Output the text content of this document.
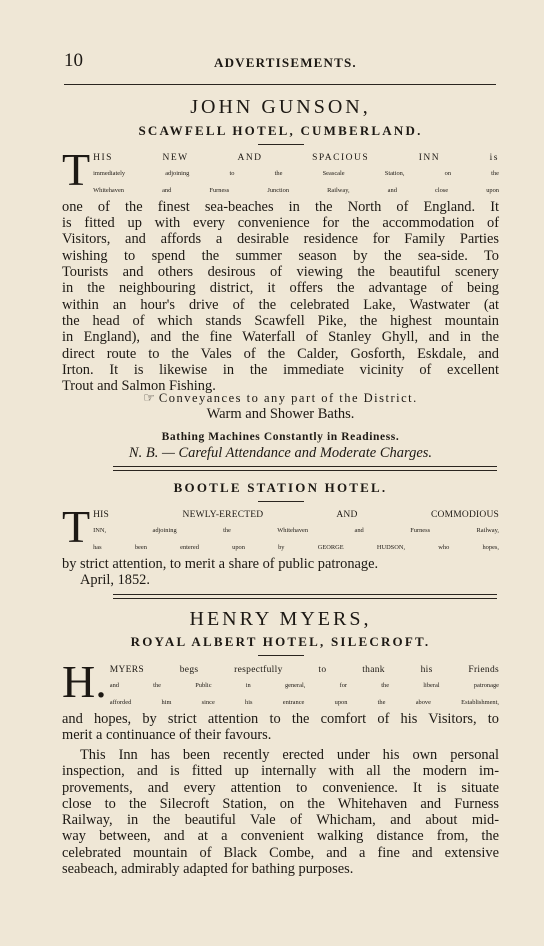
10	ADVERTISEMENTS.
JOHN GUNSON,
SCAWFELL HOTEL, CUMBERLAND.
T HIS NEW AND SPACIOUS INN is
immediately adjoining to the Seascale Station, on the
Whitehaven and Furness Junction Railway, and close upon
one of the finest sea-beaches in the North of England. It
is fitted up with every convenience for the accommodation of
Visitors, and affords a desirable residence for Family Parties
wishing to spend the summer season by the sea-side. To
Tourists and others desirous of viewing the beautiful scenery
in the neighbouring district, it offers the advantage of being
within an hour's drive of the celebrated Lake, Wastwater (at
the head of which stands Scawfell Pike, the highest mountain
in England), and the fine Waterfall of Stanley Ghyll, and in the
direct route to the Vales of the Calder, Gosforth, Eskdale, and
Irton. It is likewise in the immediate vicinity of excellent
Trout and Salmon Fishing.
☞ Conveyances to any part of the District.
Warm and Shower Baths.
Bathing Machines Constantly in Readiness.
N. B. — Careful Attendance and Moderate Charges.
BOOTLE STATION HOTEL.
T HIS NEWLY-ERECTED AND COMMODIOUS
INN, adjoining the Whitehaven and Furness Railway,
has been entered upon by GEORGE HUDSON, who hopes,
by strict attention, to merit a share of public patronage.
April, 1852.
HENRY MYERS,
ROYAL ALBERT HOTEL, SILECROFT.
H. MYERS begs respectfully to thank his Friends
and the Public in general, for the liberal patronage
afforded him since his entrance upon the above Establishment,
and hopes, by strict attention to the comfort of his Visitors, to
merit a continuance of their favours.
This Inn has been recently erected under his own personal
inspection, and is fitted up internally with all the modern im-
provements, and every attention to convenience. It is situate
close to the Silecroft Station, on the Whitehaven and Furness
Railway, in the beautiful Vale of Whicham, and about mid-
way between, and at a convenient walking distance from, the
celebrated mountain of Black Combe, and a fine and extensive
seabeach, admirably adapted for bathing purposes.
